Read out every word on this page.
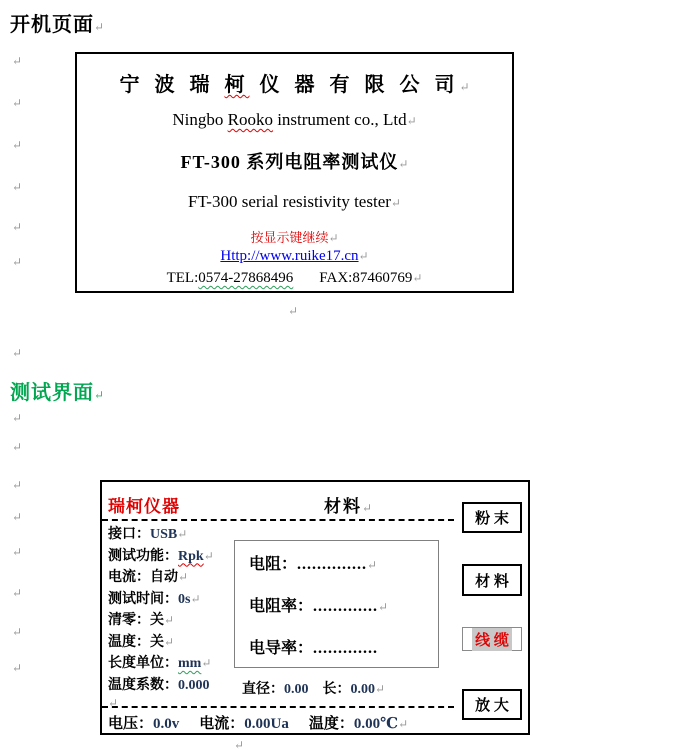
开机页面↵
↵
↵
↵
↵
↵
↵
宁 波 瑞 柯 仪 器 有 限 公 司↵
Ningbo Rooko instrument co., Ltd↵
FT-300 系列电阻率测试仪↵
FT-300 serial resistivity tester↵
按显示键继续↵
Http://www.ruike17.cn↵
TEL:0574-27868496 FAX:87460769↵
↵
↵
测试界面↵
↵
↵
↵
↵
↵
↵
↵
↵
瑞柯仪器	材料↵
接口：USB↵
测试功能：Rpk↵
电流：自动↵
测试时间：0s↵
清零：关↵
温度：关↵
长度单位：mm↵
温度系数：0.000
电阻：..............↵
电阻率：.............↵
电导率：.............
直径：0.00 长：0.00↵
↵
电压：0.0v 电流：0.00Ua 温度：0.00℃↵
粉 末
材 料
线 缆
放 大
↵
